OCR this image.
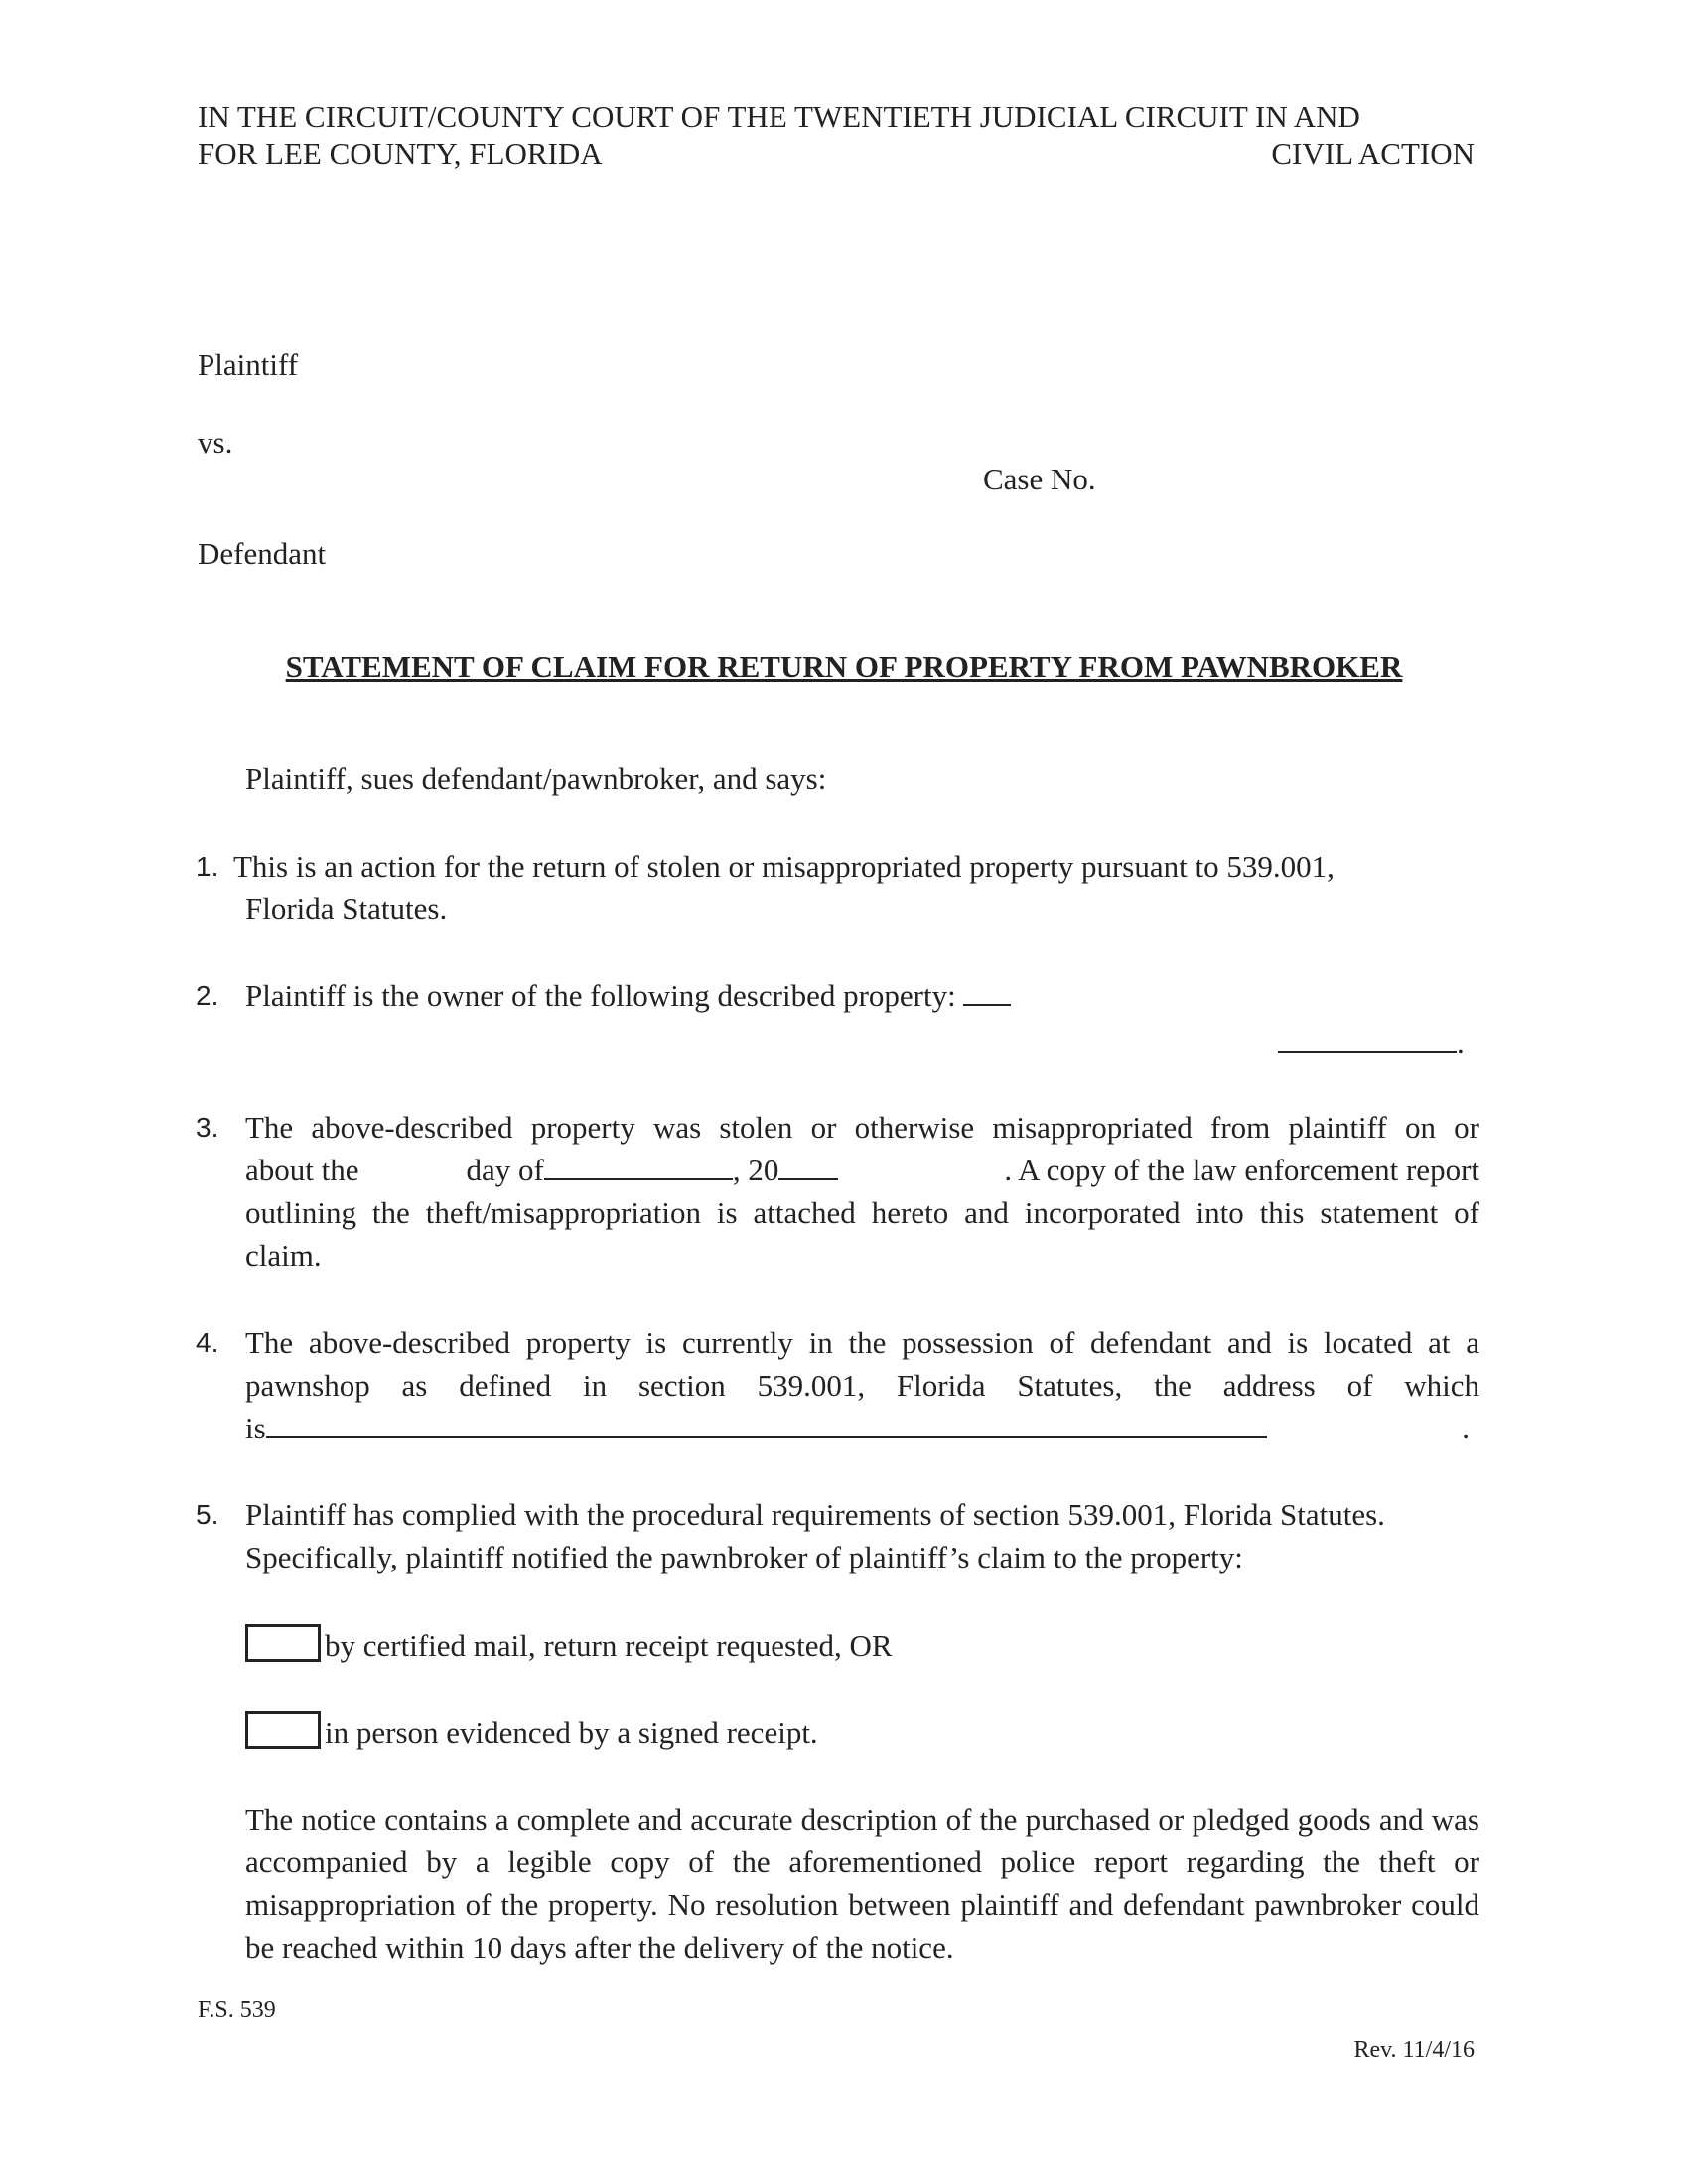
IN THE CIRCUIT/COUNTY COURT OF THE TWENTIETH JUDICIAL CIRCUIT IN AND
FOR LEE COUNTY, FLORIDA	CIVIL ACTION
Plaintiff
vs.
Case No.
Defendant
STATEMENT OF CLAIM FOR RETURN OF PROPERTY FROM PAWNBROKER
Plaintiff, sues defendant/pawnbroker, and says:
1. This is an action for the return of stolen or misappropriated property pursuant to 539.001,
Florida Statutes.
2. Plaintiff is the owner of the following described property:
.
3. The above-described property was stolen or otherwise misappropriated from plaintiff on or
about the	day of	, 20	. A copy of the law enforcement report
outlining the theft/misappropriation is attached hereto and incorporated into this statement of
claim.
4. The above-described property is currently in the possession of defendant and is located at a
pawnshop as defined in section 539.001, Florida Statutes, the address of which
is	.
5. Plaintiff has complied with the procedural requirements of section 539.001, Florida Statutes.
Specifically, plaintiff notified the pawnbroker of plaintiff’s claim to the property:
by certified mail, return receipt requested, OR
in person evidenced by a signed receipt.
The notice contains a complete and accurate description of the purchased or pledged goods and was accompanied by a legible copy of the aforementioned police report regarding the theft or misappropriation of the property. No resolution between plaintiff and defendant pawnbroker could be reached within 10 days after the delivery of the notice.
F.S. 539
Rev. 11/4/16
